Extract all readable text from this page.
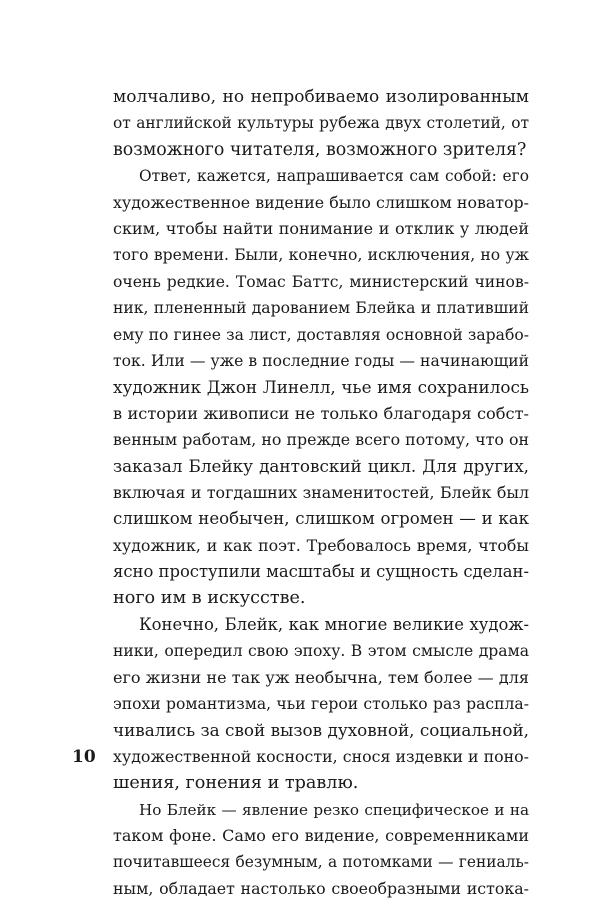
молчаливо, но непробиваемо изолированным
от английской культуры рубежа двух столетий, от
возможного читателя, возможного зрителя?
Ответ, кажется, напрашивается сам собой: его
художественное видение было слишком новатор-
ским, чтобы найти понимание и отклик у людей
того времени. Были, конечно, исключения, но уж
очень редкие. Томас Баттс, министерский чинов-
ник, плененный дарованием Блейка и плативший
ему по гинее за лист, доставляя основной зарабо-
ток. Или — уже в последние годы — начинающий
художник Джон Линелл, чье имя сохранилось
в истории живописи не только благодаря собст-
венным работам, но прежде всего потому, что он
заказал Блейку дантовский цикл. Для других,
включая и тогдашних знаменитостей, Блейк был
слишком необычен, слишком огромен — и как
художник, и как поэт. Требовалось время, чтобы
ясно проступили масштабы и сущность сделан-
ного им в искусстве.
Конечно, Блейк, как многие великие худож-
ники, опередил свою эпоху. В этом смысле драма
его жизни не так уж необычна, тем более — для
эпохи романтизма, чьи герои столько раз распла-
чивались за свой вызов духовной, социальной,
художественной косности, снося издевки и поно-
шения, гонения и травлю.
Но Блейк — явление резко специфическое и на
таком фоне. Само его видение, современниками
почитавшееся безумным, а потомками — гениаль-
ным, обладает настолько своеобразными истока-
10
